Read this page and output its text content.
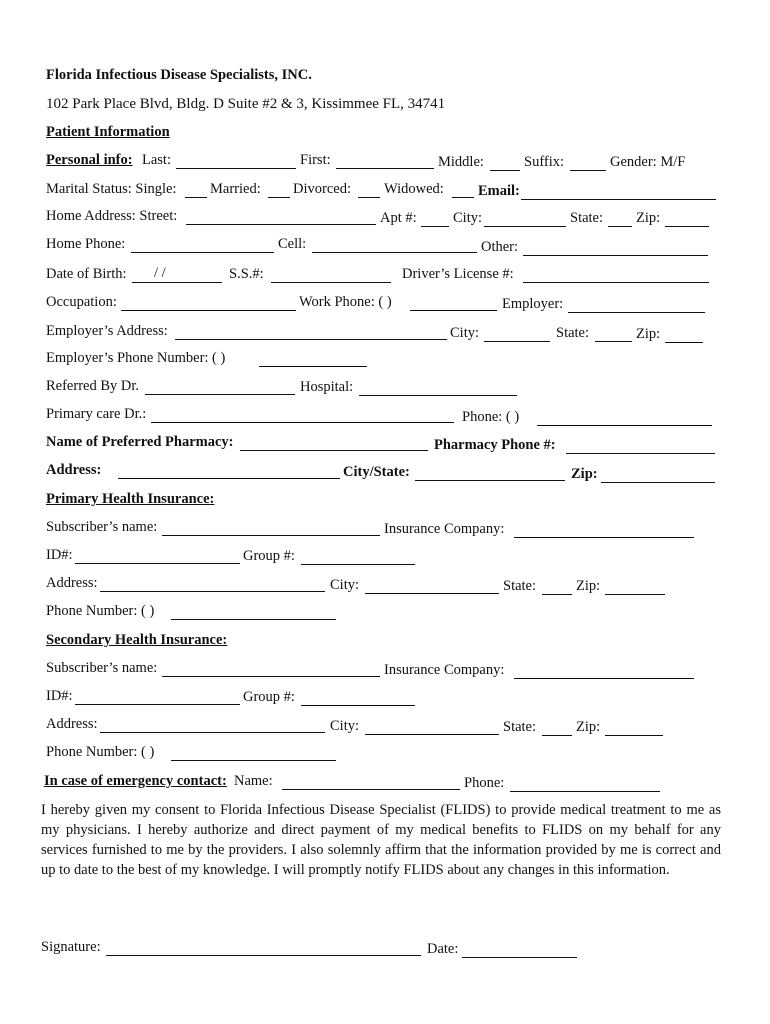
Florida Infectious Disease Specialists, INC.
102 Park Place Blvd, Bldg. D Suite #2 & 3, Kissimmee FL, 34741
Patient Information
Personal info: Last:	First:	Middle:	Suffix:	Gender: M/F
Marital Status: Single: Married: Divorced: Widowed: Email:
Home Address: Street:	Apt #:	City:	State: Zip:
Home Phone:	Cell:	Other:
Date of Birth: / /	S.S.#:	Driver’s License #:
Occupation:	Work Phone: ( )	Employer:
Employer’s Address:	City:	State:	Zip:
Employer’s Phone Number: ( )
Referred By Dr.	Hospital:
Primary care Dr.:	Phone: ( )
Name of Preferred Pharmacy:	Pharmacy Phone #:
Address:	City/State:	Zip:
Primary Health Insurance:
Subscriber’s name:	Insurance Company:
ID#:	Group #:
Address:	City:	State:	Zip:
Phone Number: ( )
Secondary Health Insurance:
Subscriber’s name:	Insurance Company:
ID#:	Group #:
Address:	City:	State:	Zip:
Phone Number: ( )
In case of emergency contact: Name:	Phone:
I hereby given my consent to Florida Infectious Disease Specialist (FLIDS) to provide medical treatment to me as my physicians. I hereby authorize and direct payment of my medical benefits to FLIDS on my behalf for any services furnished to me by the providers. I also solemnly affirm that the information provided by me is correct and up to date to the best of my knowledge. I will promptly notify FLIDS about any changes in this information.
Signature:	Date:
